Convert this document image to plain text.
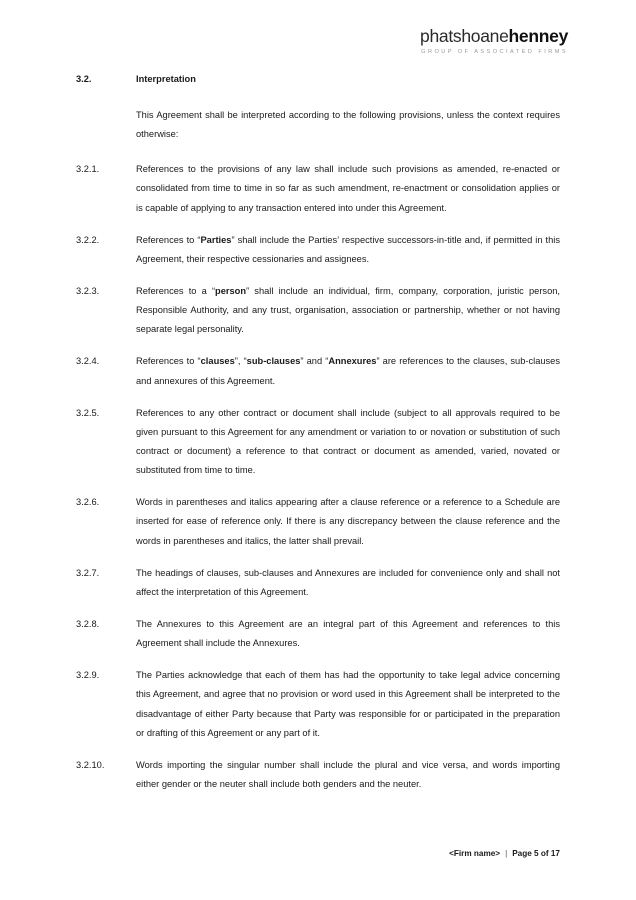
phatshoanehenney
GROUP OF ASSOCIATED FIRMS
3.2.	Interpretation

This Agreement shall be interpreted according to the following provisions, unless the context requires otherwise:

3.2.1.	References to the provisions of any law shall include such provisions as amended, re-enacted or consolidated from time to time in so far as such amendment, re-enactment or consolidation applies or is capable of applying to any transaction entered into under this Agreement.
3.2.2.	References to “Parties” shall include the Parties’ respective successors-in-title and, if permitted in this Agreement, their respective cessionaries and assignees.
3.2.3.	References to a “person” shall include an individual, firm, company, corporation, juristic person, Responsible Authority, and any trust, organisation, association or partnership, whether or not having separate legal personality.
3.2.4.	References to “clauses”, “sub-clauses” and “Annexures” are references to the clauses, sub-clauses and annexures of this Agreement.
3.2.5.	References to any other contract or document shall include (subject to all approvals required to be given pursuant to this Agreement for any amendment or variation to or novation or substitution of such contract or document) a reference to that contract or document as amended, varied, novated or substituted from time to time.
3.2.6.	Words in parentheses and italics appearing after a clause reference or a reference to a Schedule are inserted for ease of reference only. If there is any discrepancy between the clause reference and the words in parentheses and italics, the latter shall prevail.
3.2.7.	The headings of clauses, sub-clauses and Annexures are included for convenience only and shall not affect the interpretation of this Agreement.
3.2.8.	The Annexures to this Agreement are an integral part of this Agreement and references to this Agreement shall include the Annexures.
3.2.9.	The Parties acknowledge that each of them has had the opportunity to take legal advice concerning this Agreement, and agree that no provision or word used in this Agreement shall be interpreted to the disadvantage of either Party because that Party was responsible for or participated in the preparation or drafting of this Agreement or any part of it.
3.2.10.	Words importing the singular number shall include the plural and vice versa, and words importing either gender or the neuter shall include both genders and the neuter.
<Firm name> | Page 5 of 17
